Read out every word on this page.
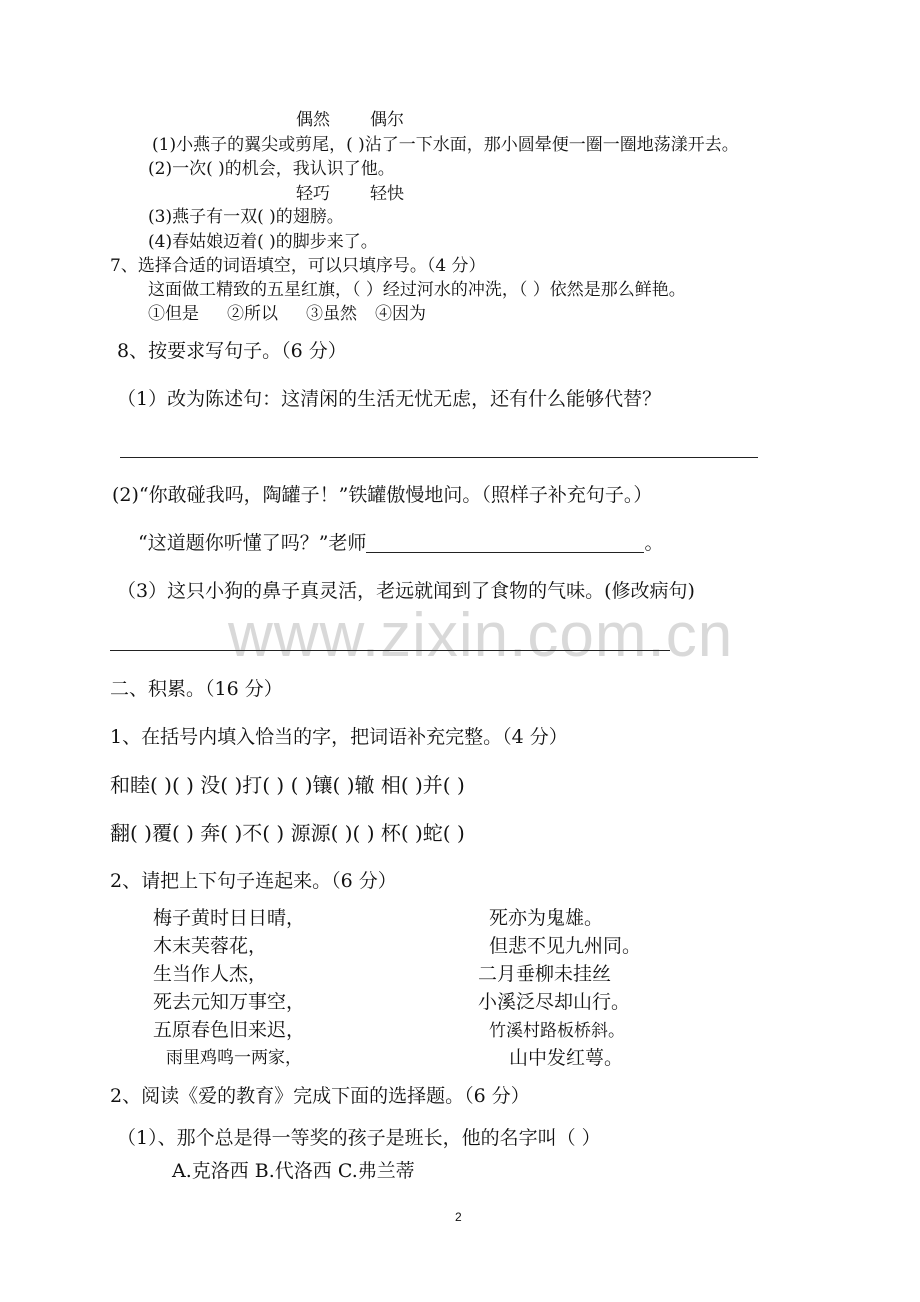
偶然 偶尔
(1)小燕子的翼尖或剪尾，( )沾了一下水面，那小圆晕便一圈一圈地荡漾开去。
(2)一次( )的机会，我认识了他。
轻巧 轻快
(3)燕子有一双( )的翅膀。
(4)春姑娘迈着( )的脚步来了。
7、选择合适的词语填空，可以只填序号。（4 分）
这面做工精致的五星红旗，（ ）经过河水的冲洗，（ ）依然是那么鲜艳。
①但是 ②所以 ③虽然 ④因为
8、按要求写句子。（6 分）
（1）改为陈述句：这清闲的生活无忧无虑，还有什么能够代替？
(2)“你敢碰我吗，陶罐子！”铁罐傲慢地问。（照样子补充句子。）
“这道题你听懂了吗？”老师	。
（3）这只小狗的鼻子真灵活，老远就闻到了食物的气味。(修改病句)
www.zixin.com.cn
二、积累。（16 分）
1、在括号内填入恰当的字，把词语补充完整。（4 分）
和睦( )( ) 没( )打( ) ( )镶( )辙 相( )并( )
翻( )覆( ) 奔( )不( ) 源源( )( ) 杯( )蛇( )
2、请把上下句子连起来。（6 分）
梅子黄时日日晴，
木末芙蓉花，
生当作人杰，
死去元知万事空，
五原春色旧来迟，
雨里鸡鸣一两家，
死亦为鬼雄。
但悲不见九州同。
二月垂柳未挂丝
小溪泛尽却山行。
竹溪村路板桥斜。
山中发红萼。
2、阅读《爱的教育》完成下面的选择题。（6 分）
（1）、那个总是得一等奖的孩子是班长，他的名字叫（ ）
A.克洛西 B.代洛西 C.弗兰蒂
2
